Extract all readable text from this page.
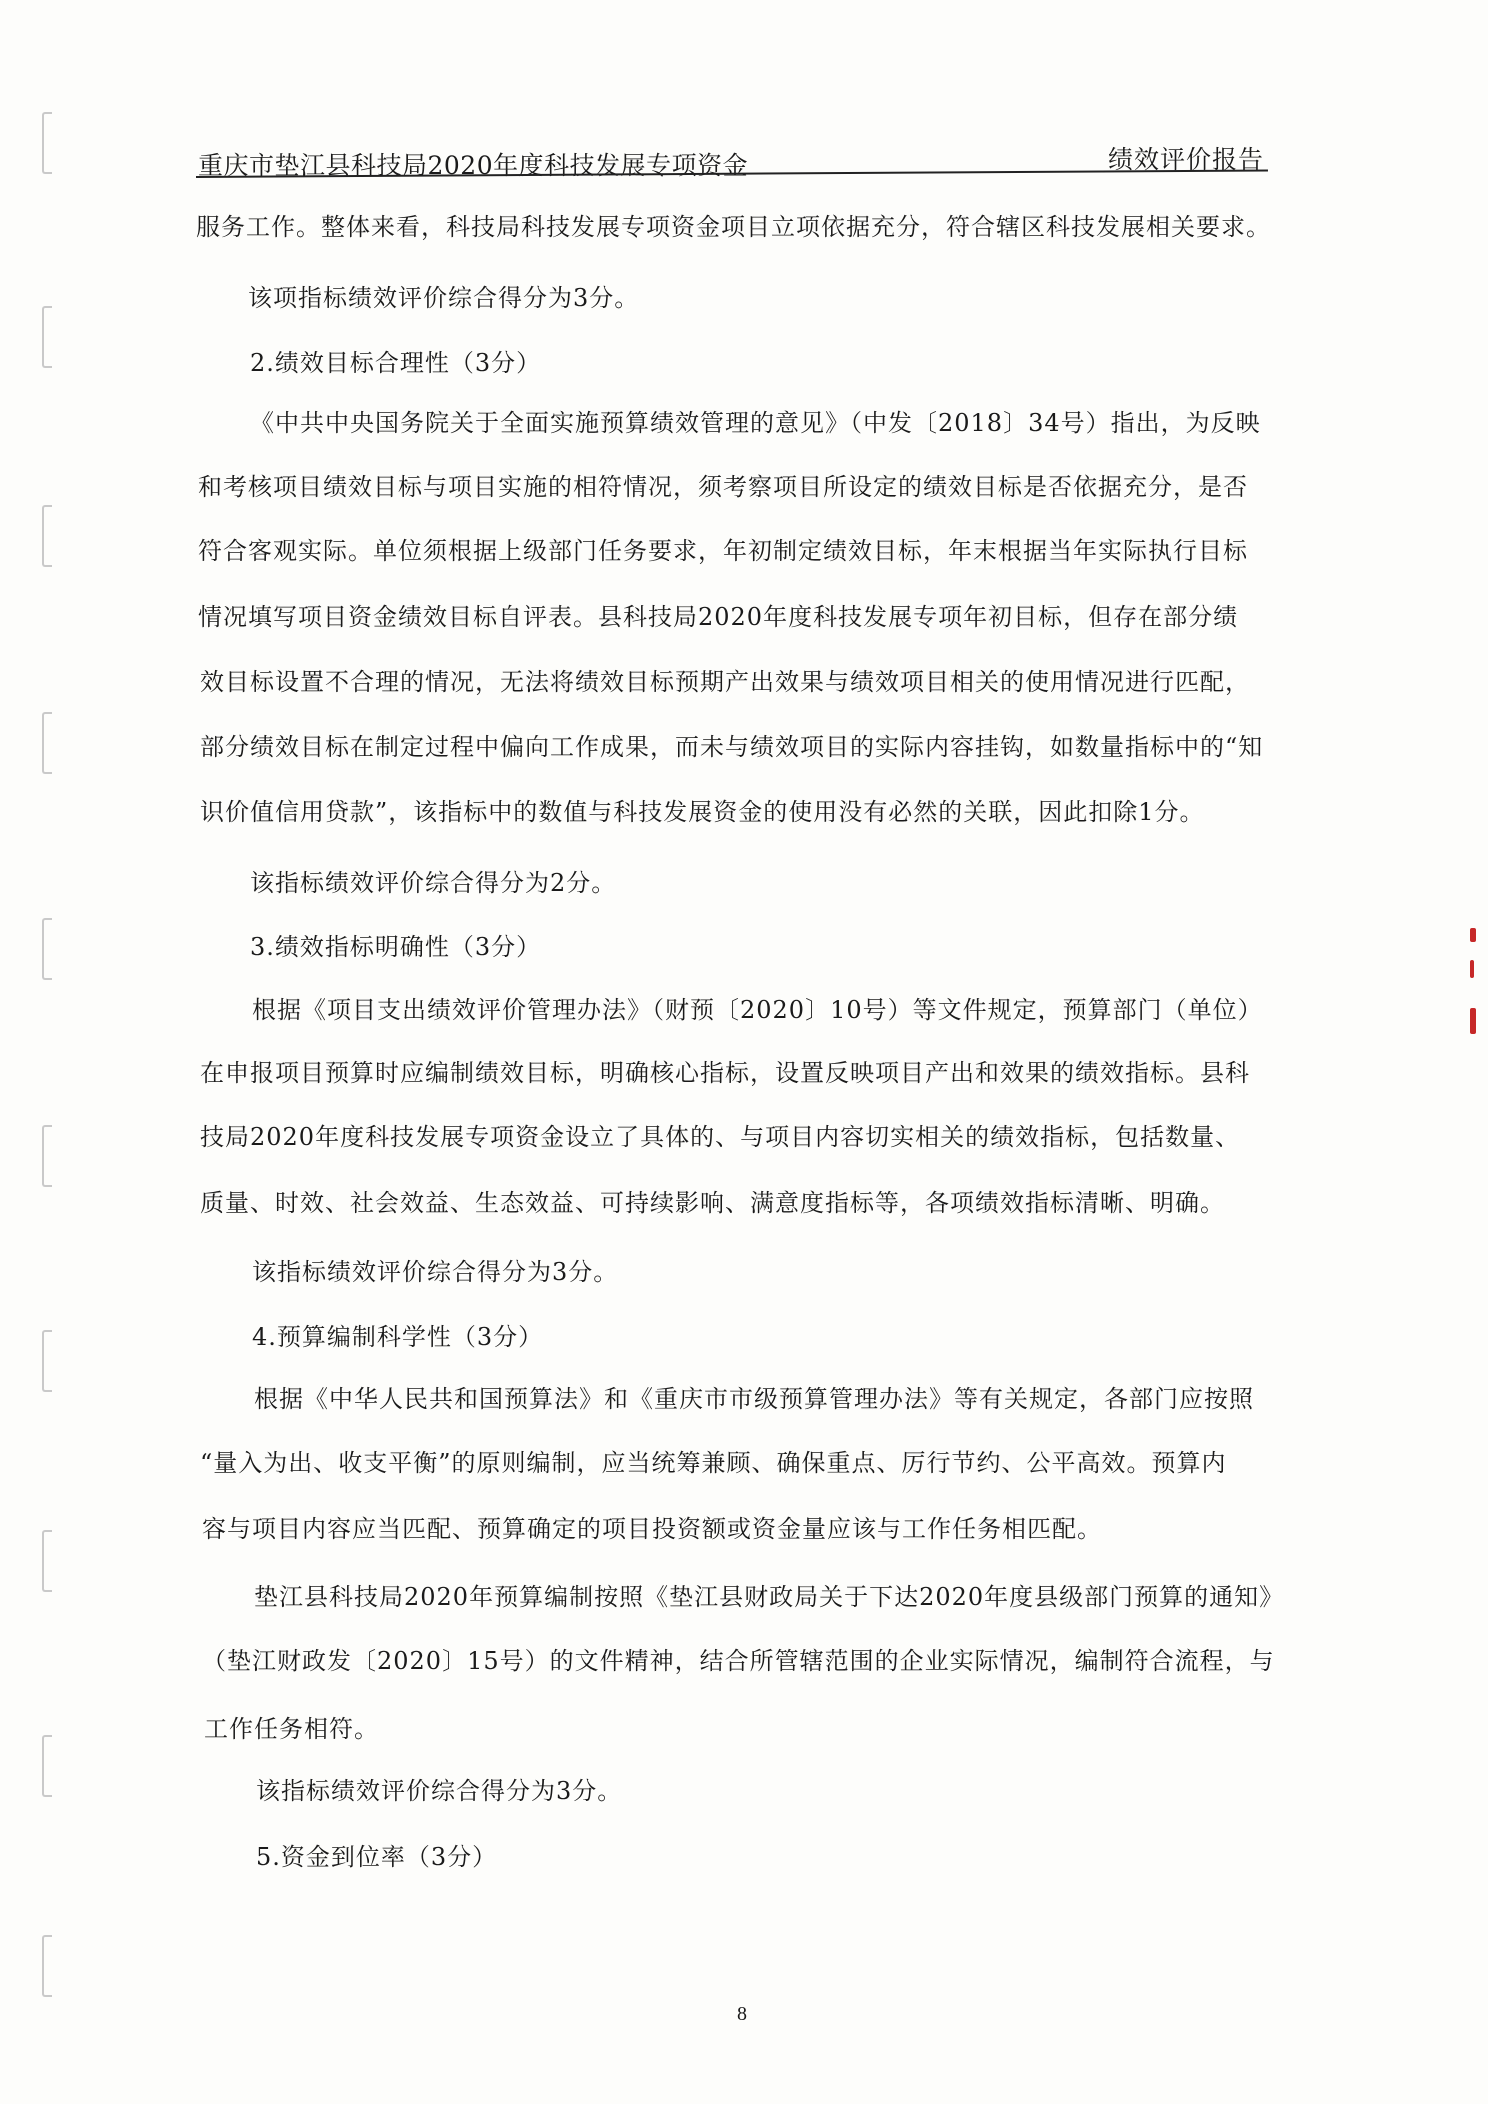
重庆市垫江县科技局2020年度科技发展专项资金	绩效评价报告
服务工作。整体来看，科技局科技发展专项资金项目立项依据充分，符合辖区科技发展相关要求。
该项指标绩效评价综合得分为3分。
2.绩效目标合理性（3分）
《中共中央国务院关于全面实施预算绩效管理的意见》（中发〔2018〕34号）指出，为反映
和考核项目绩效目标与项目实施的相符情况，须考察项目所设定的绩效目标是否依据充分，是否
符合客观实际。单位须根据上级部门任务要求，年初制定绩效目标，年末根据当年实际执行目标
情况填写项目资金绩效目标自评表。县科技局2020年度科技发展专项年初目标，但存在部分绩
效目标设置不合理的情况，无法将绩效目标预期产出效果与绩效项目相关的使用情况进行匹配，
部分绩效目标在制定过程中偏向工作成果，而未与绩效项目的实际内容挂钩，如数量指标中的“知
识价值信用贷款”，该指标中的数值与科技发展资金的使用没有必然的关联，因此扣除1分。
该指标绩效评价综合得分为2分。
3.绩效指标明确性（3分）
根据《项目支出绩效评价管理办法》（财预〔2020〕10号）等文件规定，预算部门（单位）
在申报项目预算时应编制绩效目标，明确核心指标，设置反映项目产出和效果的绩效指标。县科
技局2020年度科技发展专项资金设立了具体的、与项目内容切实相关的绩效指标，包括数量、
质量、时效、社会效益、生态效益、可持续影响、满意度指标等，各项绩效指标清晰、明确。
该指标绩效评价综合得分为3分。
4.预算编制科学性（3分）
根据《中华人民共和国预算法》和《重庆市市级预算管理办法》等有关规定，各部门应按照
“量入为出、收支平衡”的原则编制，应当统筹兼顾、确保重点、厉行节约、公平高效。预算内
容与项目内容应当匹配、预算确定的项目投资额或资金量应该与工作任务相匹配。
垫江县科技局2020年预算编制按照《垫江县财政局关于下达2020年度县级部门预算的通知》
（垫江财政发〔2020〕15号）的文件精神，结合所管辖范围的企业实际情况，编制符合流程，与
工作任务相符。
该指标绩效评价综合得分为3分。
5.资金到位率（3分）
8
